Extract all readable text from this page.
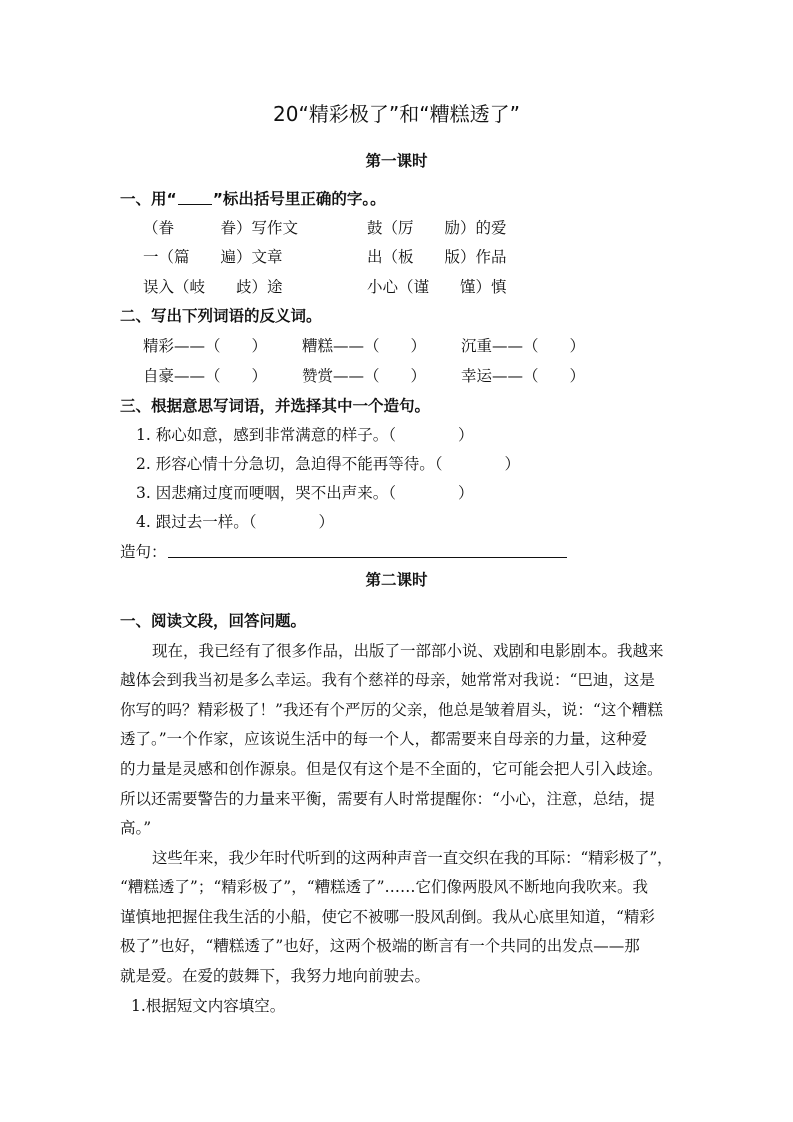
20“精彩极了”和“糟糕透了”
第一课时
一、用“ ”标出括号里正确的字。。
（眷　　　眷）写作文	鼓（厉　　励）的爱
一（篇　　遍）文章	出（板　　版）作品
误入（岐　　歧）途	小心（谨　　馑）慎
二、写出下列词语的反义词。
精彩——（　　） 糟糕——（　　） 沉重——（　　）
自豪——（　　） 赞赏——（　　） 幸运——（　　）
三、根据意思写词语，并选择其中一个造句。
1. 称心如意，感到非常满意的样子。（　　　　）
2. 形容心情十分急切，急迫得不能再等待。（　　　　）
3. 因悲痛过度而哽咽，哭不出声来。（　　　　）
4. 跟过去一样。（　　　　）
造句：
第二课时
一、阅读文段，回答问题。
现在，我已经有了很多作品，出版了一部部小说、戏剧和电影剧本。我越来
越体会到我当初是多么幸运。我有个慈祥的母亲，她常常对我说：“巴迪，这是
你写的吗？精彩极了！”我还有个严厉的父亲，他总是皱着眉头，说：“这个糟糕
透了。”一个作家，应该说生活中的每一个人，都需要来自母亲的力量，这种爱
的力量是灵感和创作源泉。但是仅有这个是不全面的，它可能会把人引入歧途。
所以还需要警告的力量来平衡，需要有人时常提醒你：“小心，注意，总结，提
高。”
这些年来，我少年时代听到的这两种声音一直交织在我的耳际：“精彩极了”，
“糟糕透了”；“精彩极了”，“糟糕透了”……它们像两股风不断地向我吹来。我
谨慎地把握住我生活的小船，使它不被哪一股风刮倒。我从心底里知道，“精彩
极了”也好，“糟糕透了”也好，这两个极端的断言有一个共同的出发点——那
就是爱。在爱的鼓舞下，我努力地向前驶去。
1.根据短文内容填空。
